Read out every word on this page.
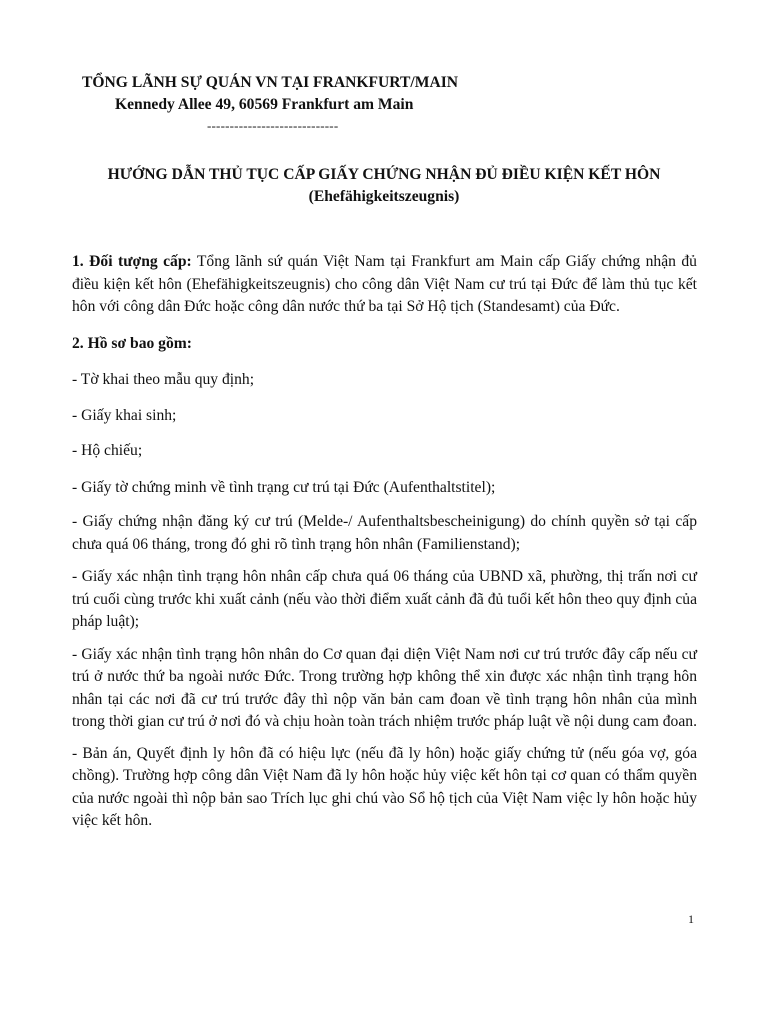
TỔNG LÃNH SỰ QUÁN VN TẠI FRANKFURT/MAIN
Kennedy Allee 49, 60569 Frankfurt am Main
-----------------------------
HƯỚNG DẪN THỦ TỤC CẤP GIẤY CHỨNG NHẬN ĐỦ ĐIỀU KIỆN KẾT HÔN
(Ehefähigkeitszeugnis)

1. Đối tượng cấp: Tổng lãnh sứ quán Việt Nam tại Frankfurt am Main cấp Giấy chứng nhận đủ điều kiện kết hôn (Ehefähigkeitszeugnis) cho công dân Việt Nam cư trú tại Đức để làm thủ tục kết hôn với công dân Đức hoặc công dân nước thứ ba tại Sở Hộ tịch (Standesamt) của Đức.

2. Hồ sơ bao gồm:

- Tờ khai theo mẫu quy định;

- Giấy khai sinh;

- Hộ chiếu;

- Giấy tờ chứng minh về tình trạng cư trú tại Đức (Aufenthaltstitel);

- Giấy chứng nhận đăng ký cư trú (Melde-/ Aufenthaltsbescheinigung) do chính quyền sở tại cấp chưa quá 06 tháng, trong đó ghi rõ tình trạng hôn nhân (Familienstand);

- Giấy xác nhận tình trạng hôn nhân cấp chưa quá 06 tháng của UBND xã, phường, thị trấn nơi cư trú cuối cùng trước khi xuất cảnh (nếu vào thời điểm xuất cảnh đã đủ tuổi kết hôn theo quy định của pháp luật);

- Giấy xác nhận tình trạng hôn nhân do Cơ quan đại diện Việt Nam nơi cư trú trước đây cấp nếu cư trú ở nước thứ ba ngoài nước Đức. Trong trường hợp không thể xin được xác nhận tình trạng hôn nhân tại các nơi đã cư trú trước đây thì nộp văn bản cam đoan về tình trạng hôn nhân của mình trong thời gian cư trú ở nơi đó và chịu hoàn toàn trách nhiệm trước pháp luật về nội dung cam đoan.

- Bản án, Quyết định ly hôn đã có hiệu lực (nếu đã ly hôn) hoặc giấy chứng tử (nếu góa vợ, góa chồng). Trường hợp công dân Việt Nam đã ly hôn hoặc hủy việc kết hôn tại cơ quan có thẩm quyền của nước ngoài thì nộp bản sao Trích lục ghi chú vào Sổ hộ tịch của Việt Nam việc ly hôn hoặc hủy việc kết hôn.

1
